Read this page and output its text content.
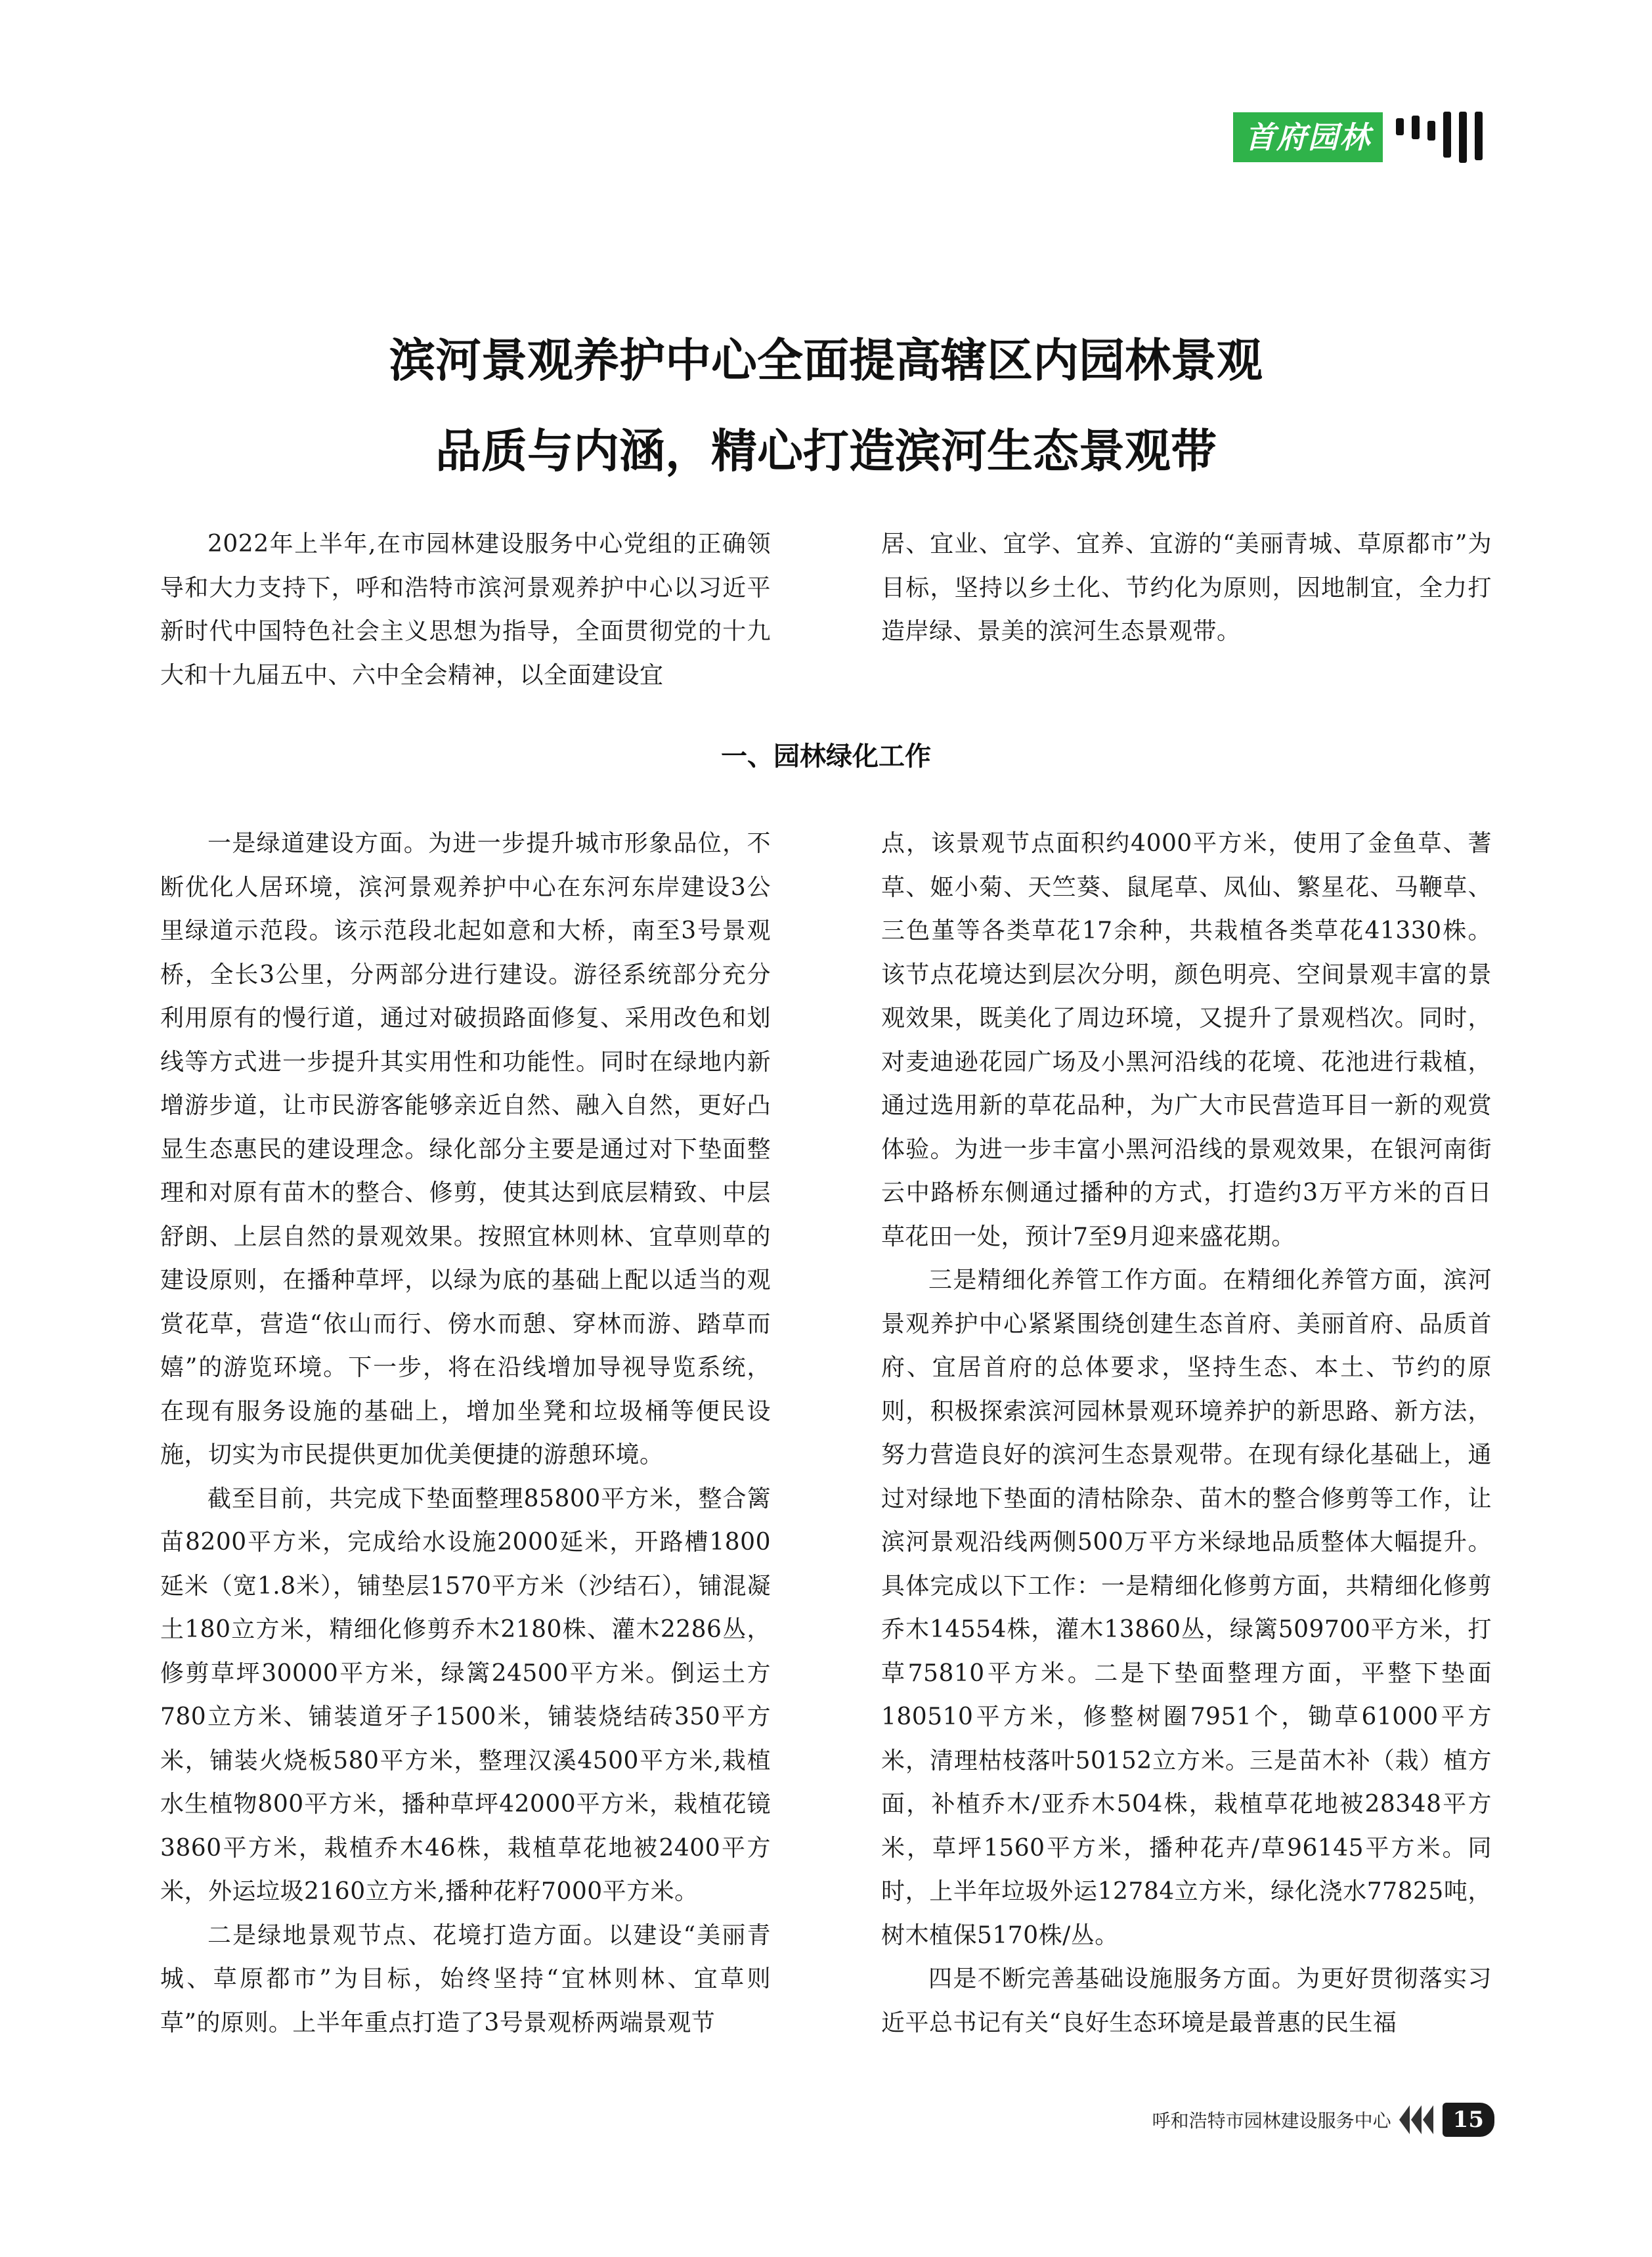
首府园林
滨河景观养护中心全面提高辖区内园林景观
品质与内涵，精心打造滨河生态景观带

2022年上半年,在市园林建设服务中心党组的正确领导和大力支持下，呼和浩特市滨河景观养护中心以习近平新时代中国特色社会主义思想为指导，全面贯彻党的十九大和十九届五中、六中全会精神，以全面建设宜

居、宜业、宜学、宜养、宜游的“美丽青城、草原都市”为目标，坚持以乡土化、节约化为原则，因地制宜，全力打造岸绿、景美的滨河生态景观带。

一、园林绿化工作

一是绿道建设方面。为进一步提升城市形象品位，不断优化人居环境，滨河景观养护中心在东河东岸建设3公里绿道示范段。该示范段北起如意和大桥，南至3号景观桥，全长3公里，分两部分进行建设。游径系统部分充分利用原有的慢行道，通过对破损路面修复、采用改色和划线等方式进一步提升其实用性和功能性。同时在绿地内新增游步道，让市民游客能够亲近自然、融入自然，更好凸显生态惠民的建设理念。绿化部分主要是通过对下垫面整理和对原有苗木的整合、修剪，使其达到底层精致、中层舒朗、上层自然的景观效果。按照宜林则林、宜草则草的建设原则，在播种草坪，以绿为底的基础上配以适当的观赏花草，营造“依山而行、傍水而憩、穿林而游、踏草而嬉”的游览环境。下一步，将在沿线增加导视导览系统，在现有服务设施的基础上，增加坐凳和垃圾桶等便民设施，切实为市民提供更加优美便捷的游憩环境。

截至目前，共完成下垫面整理85800平方米，整合篱苗8200平方米，完成给水设施2000延米，开路槽1800延米（宽1.8米），铺垫层1570平方米（沙结石），铺混凝土180立方米，精细化修剪乔木2180株、灌木2286丛，修剪草坪30000平方米，绿篱24500平方米。倒运土方780立方米、铺装道牙子1500米，铺装烧结砖350平方米，铺装火烧板580平方米，整理汉溪4500平方米,栽植水生植物800平方米，播种草坪42000平方米，栽植花镜3860平方米，栽植乔木46株，栽植草花地被2400平方米，外运垃圾2160立方米,播种花籽7000平方米。

二是绿地景观节点、花境打造方面。以建设“美丽青城、草原都市”为目标，始终坚持“宜林则林、宜草则草”的原则。上半年重点打造了3号景观桥两端景观节

点，该景观节点面积约4000平方米，使用了金鱼草、蓍草、姬小菊、天竺葵、鼠尾草、凤仙、繁星花、马鞭草、三色堇等各类草花17余种，共栽植各类草花41330株。该节点花境达到层次分明，颜色明亮、空间景观丰富的景观效果，既美化了周边环境，又提升了景观档次。同时，对麦迪逊花园广场及小黑河沿线的花境、花池进行栽植，通过选用新的草花品种，为广大市民营造耳目一新的观赏体验。为进一步丰富小黑河沿线的景观效果，在银河南街云中路桥东侧通过播种的方式，打造约3万平方米的百日草花田一处，预计7至9月迎来盛花期。

三是精细化养管工作方面。在精细化养管方面，滨河景观养护中心紧紧围绕创建生态首府、美丽首府、品质首府、宜居首府的总体要求，坚持生态、本土、节约的原则，积极探索滨河园林景观环境养护的新思路、新方法，努力营造良好的滨河生态景观带。在现有绿化基础上，通过对绿地下垫面的清枯除杂、苗木的整合修剪等工作，让滨河景观沿线两侧500万平方米绿地品质整体大幅提升。具体完成以下工作：一是精细化修剪方面，共精细化修剪乔木14554株，灌木13860丛，绿篱509700平方米，打草75810平方米。二是下垫面整理方面，平整下垫面180510平方米，修整树圈7951个，锄草61000平方米，清理枯枝落叶50152立方米。三是苗木补（栽）植方面，补植乔木/亚乔木504株，栽植草花地被28348平方米，草坪1560平方米，播种花卉/草96145平方米。同时，上半年垃圾外运12784立方米，绿化浇水77825吨，树木植保5170株/丛。

四是不断完善基础设施服务方面。为更好贯彻落实习近平总书记有关“良好生态环境是最普惠的民生福

呼和浩特市园林建设服务中心	15
